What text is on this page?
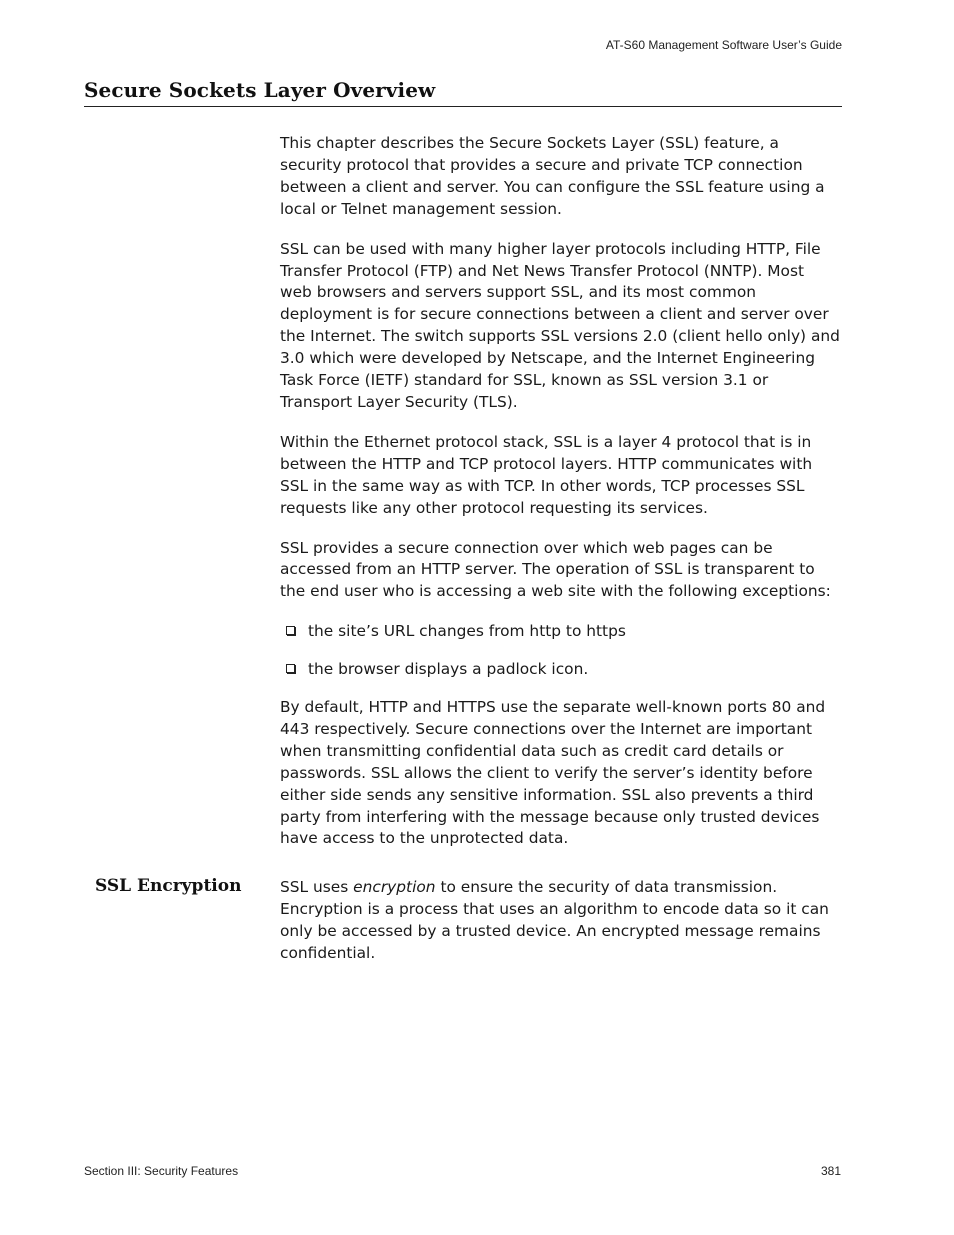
AT-S60 Management Software User’s Guide
Secure Sockets Layer Overview

This chapter describes the Secure Sockets Layer (SSL) feature, a security protocol that provides a secure and private TCP connection between a client and server. You can configure the SSL feature using a local or Telnet management session.

SSL can be used with many higher layer protocols including HTTP, File Transfer Protocol (FTP) and Net News Transfer Protocol (NNTP). Most web browsers and servers support SSL, and its most common deployment is for secure connections between a client and server over the Internet. The switch supports SSL versions 2.0 (client hello only) and 3.0 which were developed by Netscape, and the Internet Engineering Task Force (IETF) standard for SSL, known as SSL version 3.1 or Transport Layer Security (TLS).

Within the Ethernet protocol stack, SSL is a layer 4 protocol that is in between the HTTP and TCP protocol layers. HTTP communicates with SSL in the same way as with TCP. In other words, TCP processes SSL requests like any other protocol requesting its services.

SSL provides a secure connection over which web pages can be accessed from an HTTP server. The operation of SSL is transparent to the end user who is accessing a web site with the following exceptions:

the site’s URL changes from http to https
the browser displays a padlock icon.

By default, HTTP and HTTPS use the separate well-known ports 80 and 443 respectively. Secure connections over the Internet are important when transmitting confidential data such as credit card details or passwords. SSL allows the client to verify the server’s identity before either side sends any sensitive information. SSL also prevents a third party from interfering with the message because only trusted devices have access to the unprotected data.

SSL Encryption	SSL uses encryption to ensure the security of data transmission. Encryption is a process that uses an algorithm to encode data so it can only be accessed by a trusted device. An encrypted message remains confidential.

Section III: Security Features	381
